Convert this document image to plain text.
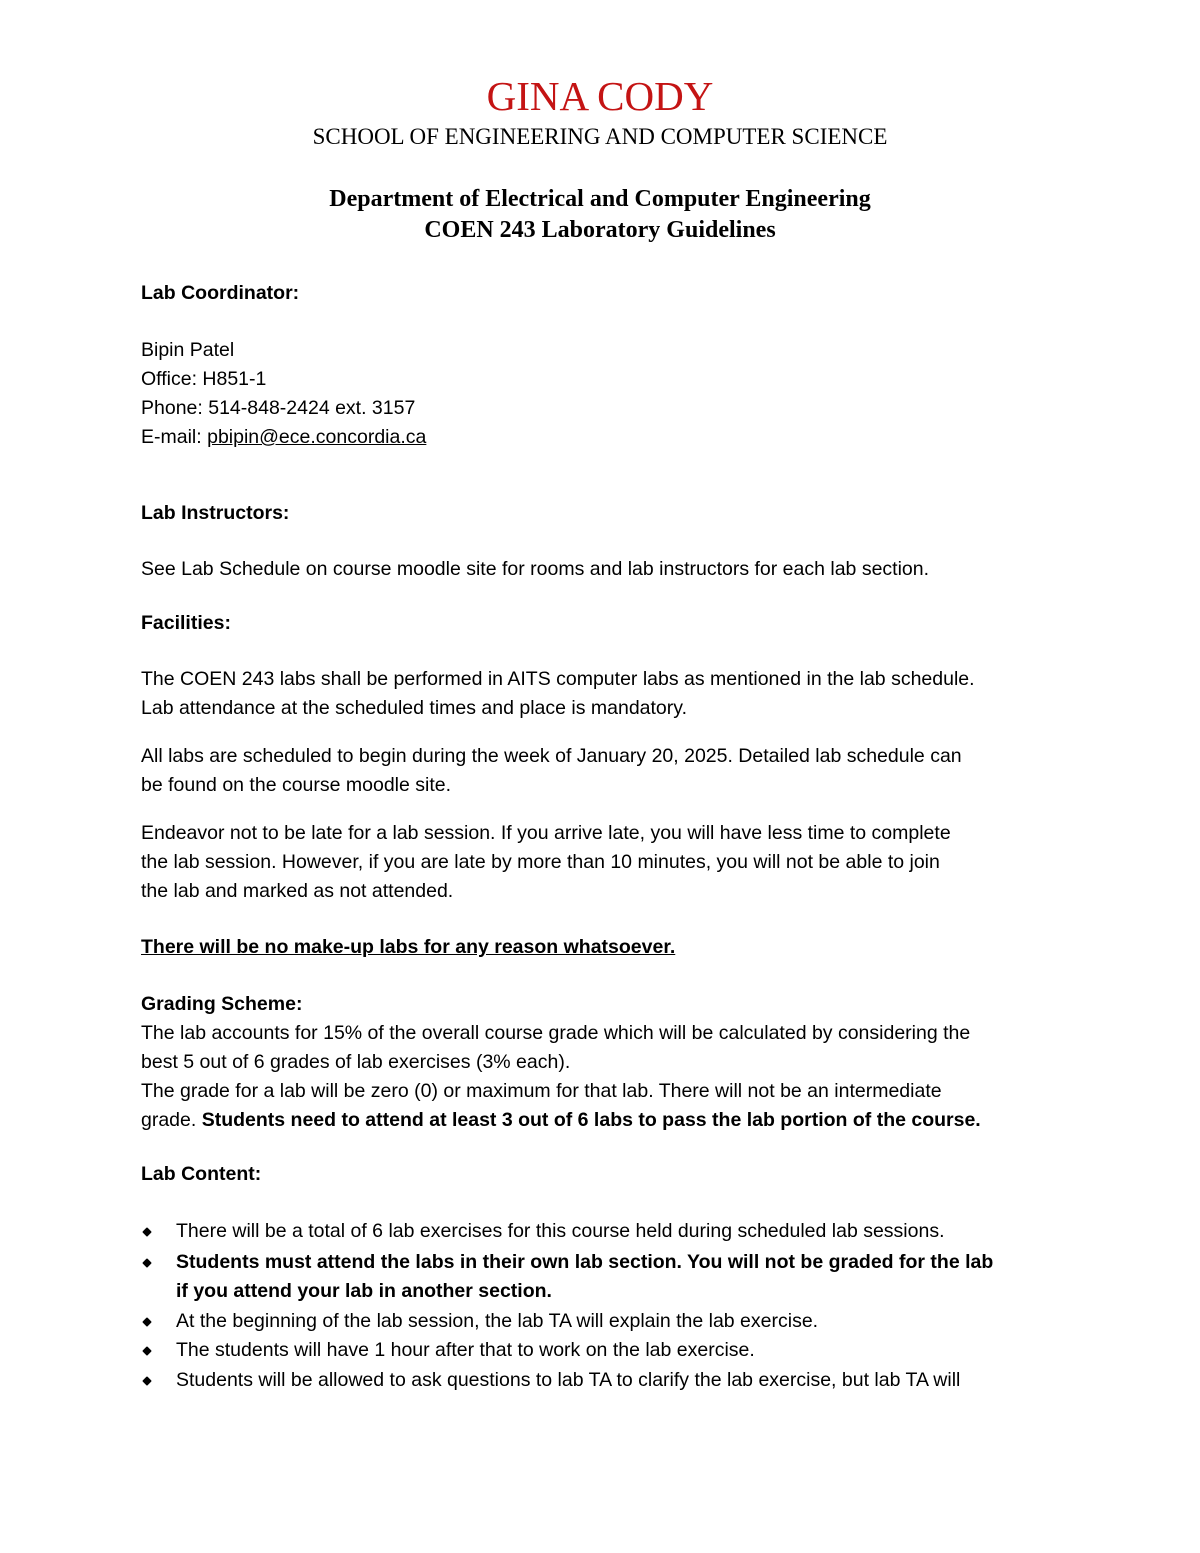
GINA CODY
SCHOOL OF ENGINEERING AND COMPUTER SCIENCE
Department of Electrical and Computer Engineering
COEN 243 Laboratory Guidelines
Lab Coordinator:
Bipin Patel
Office: H851-1
Phone: 514-848-2424 ext. 3157
E-mail: pbipin@ece.concordia.ca
Lab Instructors:
See Lab Schedule on course moodle site for rooms and lab instructors for each lab section.
Facilities:
The COEN 243 labs shall be performed in AITS computer labs as mentioned in the lab schedule.
Lab attendance at the scheduled times and place is mandatory.
All labs are scheduled to begin during the week of January 20, 2025. Detailed lab schedule can
be found on the course moodle site.
Endeavor not to be late for a lab session. If you arrive late, you will have less time to complete
the lab session. However, if you are late by more than 10 minutes, you will not be able to join
the lab and marked as not attended.
There will be no make-up labs for any reason whatsoever.
Grading Scheme:
The lab accounts for 15% of the overall course grade which will be calculated by considering the
best 5 out of 6 grades of lab exercises (3% each).
The grade for a lab will be zero (0) or maximum for that lab. There will not be an intermediate
grade. Students need to attend at least 3 out of 6 labs to pass the lab portion of the course.
Lab Content:
There will be a total of 6 lab exercises for this course held during scheduled lab sessions.
Students must attend the labs in their own lab section. You will not be graded for the lab
if you attend your lab in another section.
At the beginning of the lab session, the lab TA will explain the lab exercise.
The students will have 1 hour after that to work on the lab exercise.
Students will be allowed to ask questions to lab TA to clarify the lab exercise, but lab TA will
